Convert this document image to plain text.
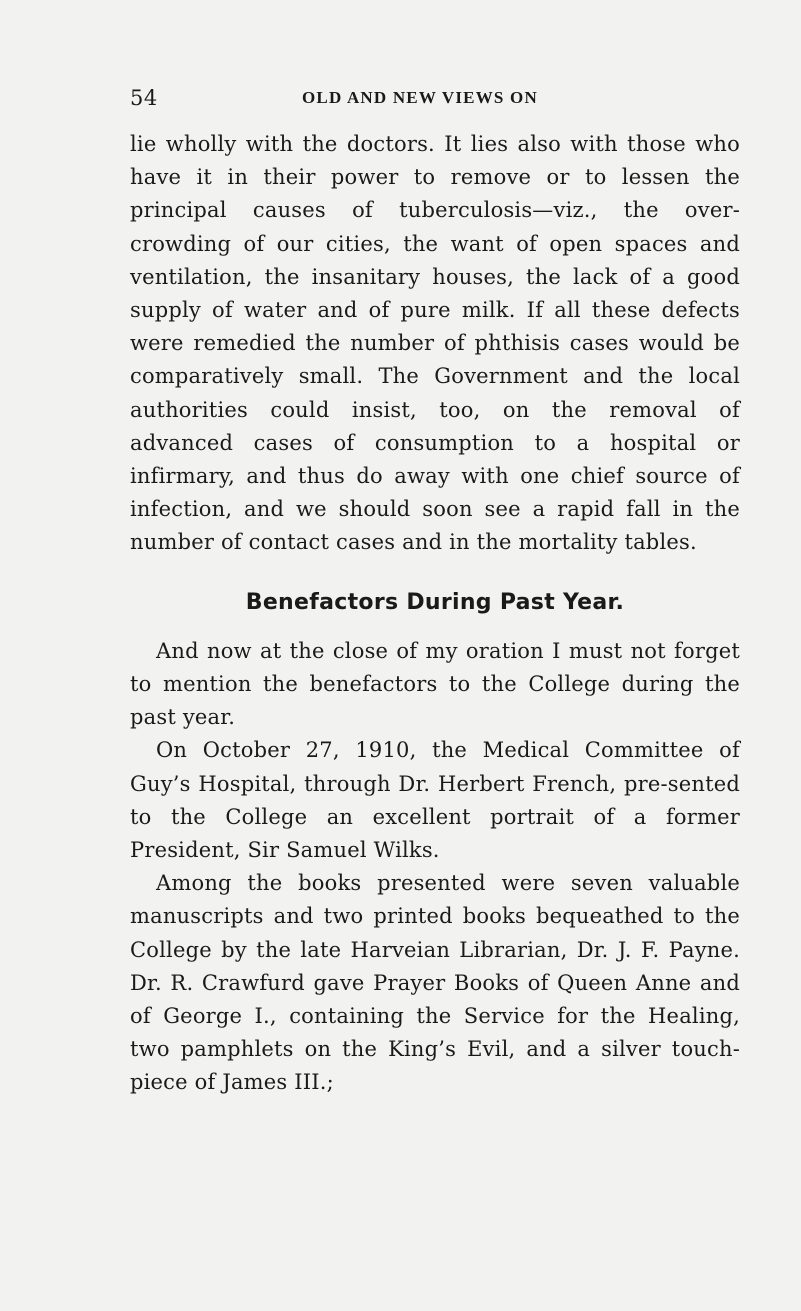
54	OLD AND NEW VIEWS ON

lie wholly with the doctors. It lies also with those who have it in their power to remove or to lessen the principal causes of tuberculosis—viz., the over-crowding of our cities, the want of open spaces and ventilation, the insanitary houses, the lack of a good supply of water and of pure milk. If all these defects were remedied the number of phthisis cases would be comparatively small. The Government and the local authorities could insist, too, on the removal of advanced cases of consumption to a hospital or infirmary, and thus do away with one chief source of infection, and we should soon see a rapid fall in the number of contact cases and in the mortality tables.

Benefactors During Past Year.

And now at the close of my oration I must not forget to mention the benefactors to the College during the past year.

On October 27, 1910, the Medical Committee of Guy’s Hospital, through Dr. Herbert French, pre-sented to the College an excellent portrait of a former President, Sir Samuel Wilks.

Among the books presented were seven valuable manuscripts and two printed books bequeathed to the College by the late Harveian Librarian, Dr. J. F. Payne. Dr. R. Crawfurd gave Prayer Books of Queen Anne and of George I., containing the Service for the Healing, two pamphlets on the King’s Evil, and a silver touch-piece of James III.;
